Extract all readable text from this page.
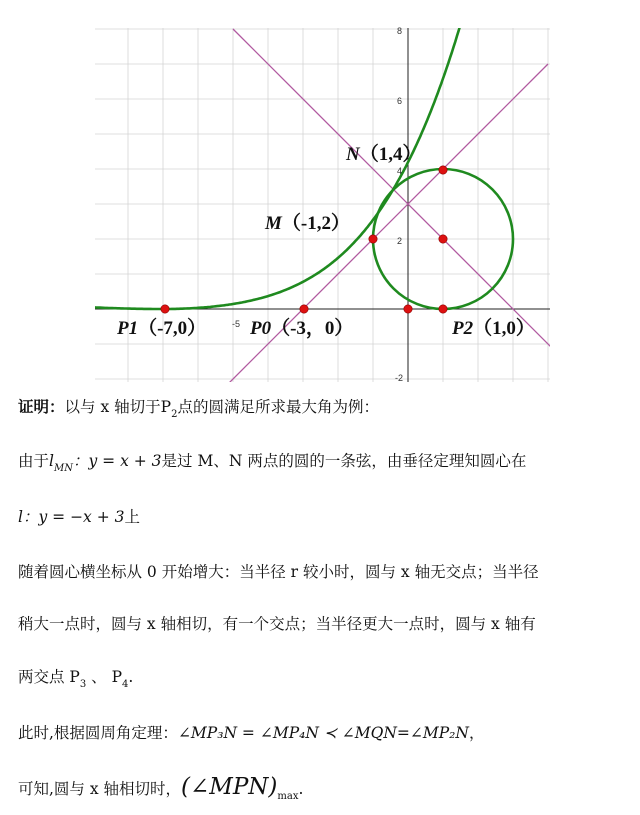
8
6
4
2
-2
-5
N（1,4）
M（-1,2）
P1（-7,0） P0（-3，0）	P2（1,0）
证明：以与 x 轴切于$P_2$点的圆满足所求最大角为例：
由于$l_{MN}$：y = x + 3是过 M、N 两点的圆的一条弦，由垂径定理知圆心在
l：y = −x + 3上
随着圆心横坐标从 0 开始增大：当半径 r 较小时，圆与 x 轴无交点；当半径
稍大一点时，圆与 x 轴相切，有一个交点；当半径更大一点时，圆与 x 轴有
两交点 $P_3$ 、 $P_4$.
此时,根据圆周角定理：∠MP₃N = ∠MP₄N ≺ ∠MQN=∠MP₂N，
可知,圆与 x 轴相切时，$(\angle MPN)_{max}$.
